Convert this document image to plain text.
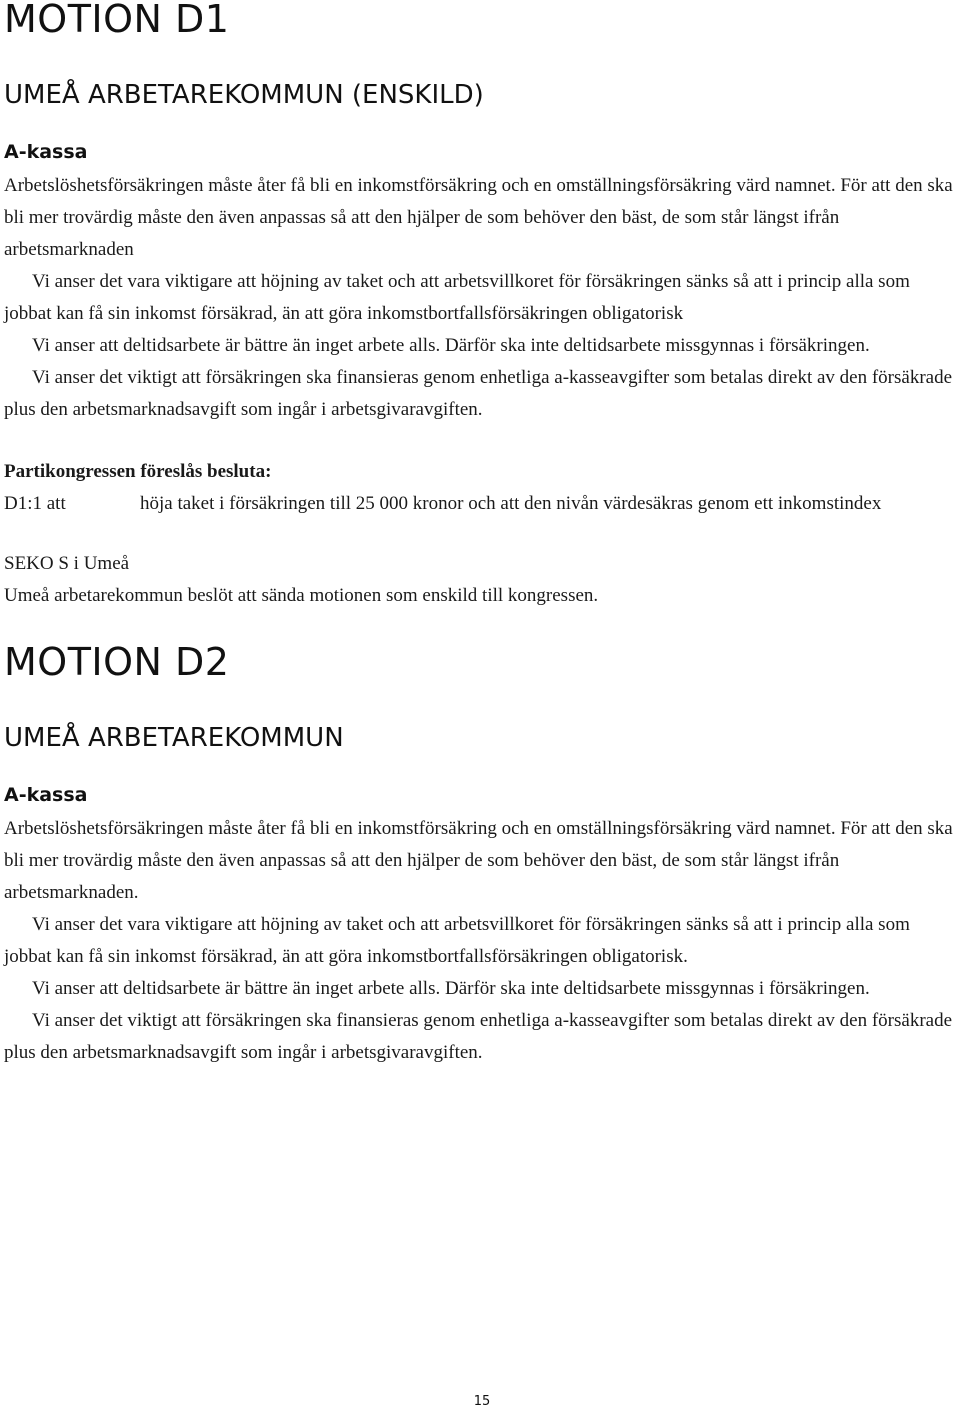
MOTION D1
UMEÅ ARBETAREKOMMUN (ENSKILD)
A-kassa

Arbetslöshetsförsäkringen måste åter få bli en inkomstförsäkring och en omställningsförsäkring värd namnet. För att den ska bli mer trovärdig måste den även anpassas så att den hjälper de som behöver den bäst, de som står längst ifrån arbetsmarknaden

Vi anser det vara viktigare att höjning av taket och att arbetsvillkoret för försäkringen sänks så att i princip alla som jobbat kan få sin inkomst försäkrad, än att göra inkomstbortfallsförsäkringen obligatorisk

Vi anser att deltidsarbete är bättre än inget arbete alls. Därför ska inte deltidsarbete missgynnas i försäkringen.

Vi anser det viktigt att försäkringen ska finansieras genom enhetliga a-kasseavgifter som betalas direkt av den försäkrade plus den arbetsmarknadsavgift som ingår i arbetsgivaravgiften.

Partikongressen föreslås besluta:

D1:1 att	höja taket i försäkringen till 25 000 kronor och att den nivån värdesäkras genom ett inkomstindex

SEKO S i Umeå

Umeå arbetarekommun beslöt att sända motionen som enskild till kongressen.

MOTION D2
UMEÅ ARBETAREKOMMUN
A-kassa

Arbetslöshetsförsäkringen måste åter få bli en inkomstförsäkring och en omställningsförsäkring värd namnet. För att den ska bli mer trovärdig måste den även anpassas så att den hjälper de som behöver den bäst, de som står längst ifrån arbetsmarknaden.

Vi anser det vara viktigare att höjning av taket och att arbetsvillkoret för försäkringen sänks så att i princip alla som jobbat kan få sin inkomst försäkrad, än att göra inkomstbortfallsförsäkringen obligatorisk.

Vi anser att deltidsarbete är bättre än inget arbete alls. Därför ska inte deltidsarbete missgynnas i försäkringen.

Vi anser det viktigt att försäkringen ska finansieras genom enhetliga a-kasseavgifter som betalas direkt av den försäkrade plus den arbetsmarknadsavgift som ingår i arbetsgivaravgiften.

15
